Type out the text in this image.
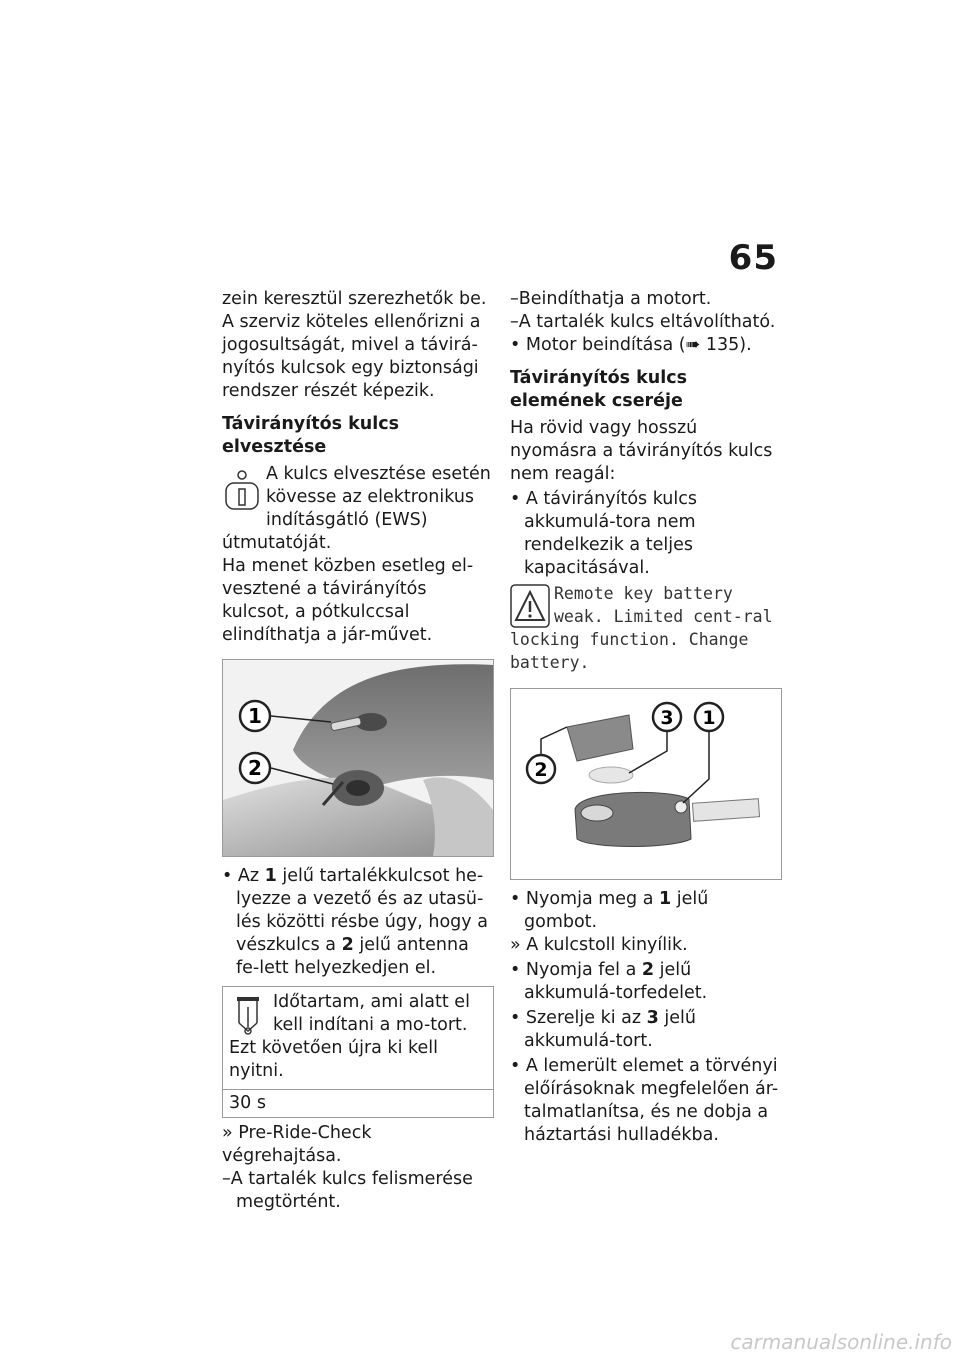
65

zein keresztül szerezhetők be. A szerviz köteles ellenőrizni a jogosultságát, mivel a távirá-nyítós kulcsok egy biztonsági rendszer részét képezik.

Távirányítós kulcs elvesztése

A kulcs elvesztése esetén kövesse az elektronikus indításgátló (EWS) útmutatóját.

Ha menet közben esetleg el-vesztené a távirányítós kulcsot, a pótkulccsal elindíthatja a jár-művet.

1
2

• Az 1 jelű tartalékkulcsot he-lyezze a vezető és az utasü-lés közötti résbe úgy, hogy a vészkulcs a 2 jelű antenna fe-lett helyezkedjen el.

Időtartam, ami alatt el kell indítani a mo-tort. Ezt követően újra ki kell nyitni.

30 s

» Pre-Ride-Check végrehajtása.

–A tartalék kulcs felismerése megtörtént.

–Beindíthatja a motort.

–A tartalék kulcs eltávolítható.

• Motor beindítása (➠ 135).

Távirányítós kulcs elemének cseréje

Ha rövid vagy hosszú nyomásra a távirányítós kulcs nem reagál:

• A távirányítós kulcs akkumulá-tora nem rendelkezik a teljes kapacitásával.

Remote key battery weak. Limited cent-ral locking function. Change battery.

2
3 1

• Nyomja meg a 1 jelű gombot.

» A kulcstoll kinyílik.

• Nyomja fel a 2 jelű akkumulá-torfedelet.

• Szerelje ki az 3 jelű akkumulá-tort.

• A lemerült elemet a törvényi előírásoknak megfelelően ár-talmatlanítsa, és ne dobja a háztartási hulladékba.

carmanualsonline.info
